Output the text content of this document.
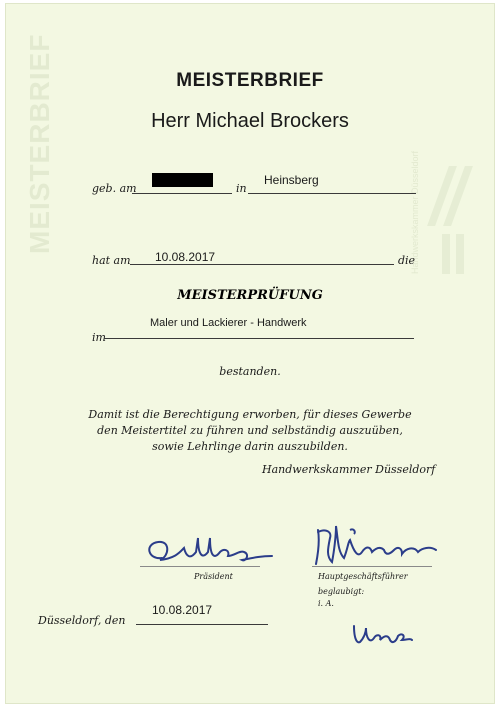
MEISTERBRIEF	Handwerkskammer Düsseldorf
MEISTERBRIEF
Herr Michael Brockers
geb. am	in
Heinsberg
hat am 10.08.2017	die
MEISTERPRÜFUNG
im
Maler und Lackierer - Handwerk
bestanden.
Damit ist die Berechtigung erworben, für dieses Gewerbe
den Meistertitel zu führen und selbständig auszuüben,
sowie Lehrlinge darin auszubilden.
Handwerkskammer Düsseldorf
Präsident	Hauptgeschäftsführer
beglaubigt:
i. A.
Düsseldorf, den
10.08.2017
